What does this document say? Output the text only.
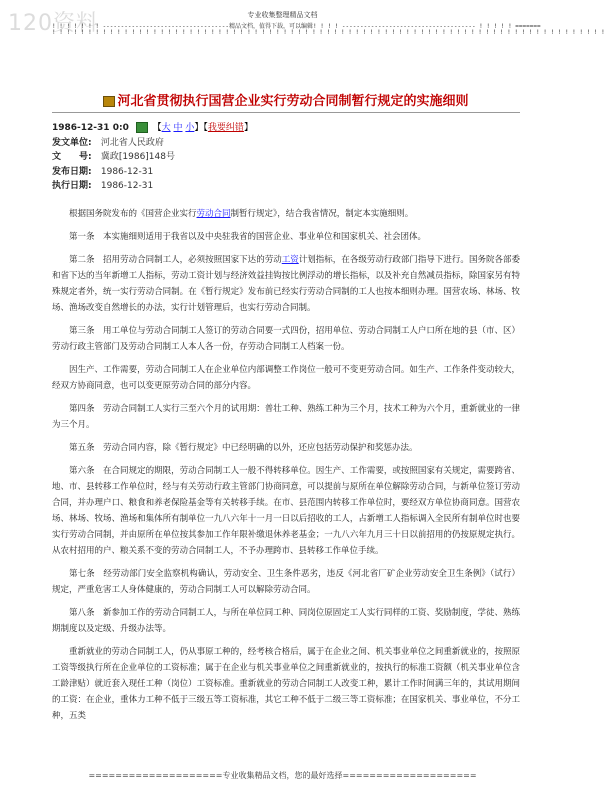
120资料	专业收集整理精品文档
! ! ! ! ! ! ! -----------------------------------精品文档，值得下载，可以编辑! ! ! ! ------------------------------------- ! ! ! ! ! =======
! ! ! ! ! ! ! ! ! ! ! ! ! ! ! ! ! ! ! ! ! ! ! ! ! ! ! ! ! ! ! ! ! ! ! ! ! ! ! ! ! ! ! ! ! ! ! ! ! ! ! ! ! ! ! ! ! ! ! ! ! ! ! ! ! ! ! ! ! ! ! ! ! ! ! ! !
河北省贯彻执行国营企业实行劳动合同制暂行规定的实施细则
1986-12-31 0:0	【大 中 小】【我要纠错】
发文单位: 河北省人民政府
文　　号: 冀政[1986]148号
发布日期: 1986-12-31
执行日期: 1986-12-31

根据国务院发布的《国营企业实行劳动合同制暂行规定》，结合我省情况，制定本实施细则。

第一条　本实施细则适用于我省以及中央驻我省的国营企业、事业单位和国家机关、社会团体。

第二条　招用劳动合同制工人，必须按照国家下达的劳动工资计划指标，在各级劳动行政部门指导下进行。国务院各部委和省下达的当年新增工人指标，劳动工资计划与经济效益挂钩按比例浮动的增长指标，以及补充自然减员指标，除国家另有特殊规定者外，统一实行劳动合同制。在《暂行规定》发布前已经实行劳动合同制的工人也按本细则办理。国营农场、林场、牧场、渔场改变自然增长的办法，实行计划管理后，也实行劳动合同制。

第三条　用工单位与劳动合同制工人签订的劳动合同要一式四份，招用单位、劳动合同制工人户口所在地的县（市、区）劳动行政主管部门及劳动合同制工人本人各一份，存劳动合同制工人档案一份。

因生产、工作需要，劳动合同制工人在企业单位内部调整工作岗位一般可不变更劳动合同。如生产、工作条件变动较大，经双方协商同意，也可以变更原劳动合同的部分内容。

第四条　劳动合同制工人实行三至六个月的试用期：普壮工种、熟练工种为三个月，技术工种为六个月，重新就业的一律为三个月。

第五条　劳动合同内容，除《暂行规定》中已经明确的以外，还应包括劳动保护和奖惩办法。

第六条　在合同规定的期限，劳动合同制工人一般不得转移单位。因生产、工作需要，或按照国家有关规定，需要跨省、地、市、县转移工作单位时，经与有关劳动行政主管部门协商同意，可以提前与原所在单位解除劳动合同，与新单位签订劳动合同，并办理户口、粮食和养老保险基金等有关转移手续。在市、县范围内转移工作单位时，要经双方单位协商同意。国营农场、林场、牧场、渔场和集体所有制单位一九八六年十一月一日以后招收的工人，占新增工人指标调入全民所有制单位时也要实行劳动合同制，并由原所在单位按其参加工作年限补缴退休养老基金；一九八六年九月三十日以前招用的仍按原规定执行。从农村招用的户、粮关系不变的劳动合同制工人，不予办理跨市、县转移工作单位手续。

第七条　经劳动部门安全监察机构确认，劳动安全、卫生条件恶劣，违反《河北省厂矿企业劳动安全卫生条例》（试行）规定，严重危害工人身体健康的，劳动合同制工人可以解除劳动合同。

第八条　新参加工作的劳动合同制工人，与所在单位同工种、同岗位原固定工人实行同样的工资、奖励制度，学徒、熟练期制度以及定级、升级办法等。

重新就业的劳动合同制工人，仍从事原工种的，经考核合格后，属于在企业之间、机关事业单位之间重新就业的，按照原工资等级执行所在企业单位的工资标准；属于在企业与机关事业单位之间重新就业的，按执行的标准工资额（机关事业单位含工龄津贴）就近套入现任工种（岗位）工资标准。重新就业的劳动合同制工人改变工种，累计工作时间满三年的，其试用期间的工资：在企业，重体力工种不低于三级五等工资标准，其它工种不低于二级三等工资标准；在国家机关、事业单位，不分工种，五类

====================专业收集精品文档，您的最好选择====================
